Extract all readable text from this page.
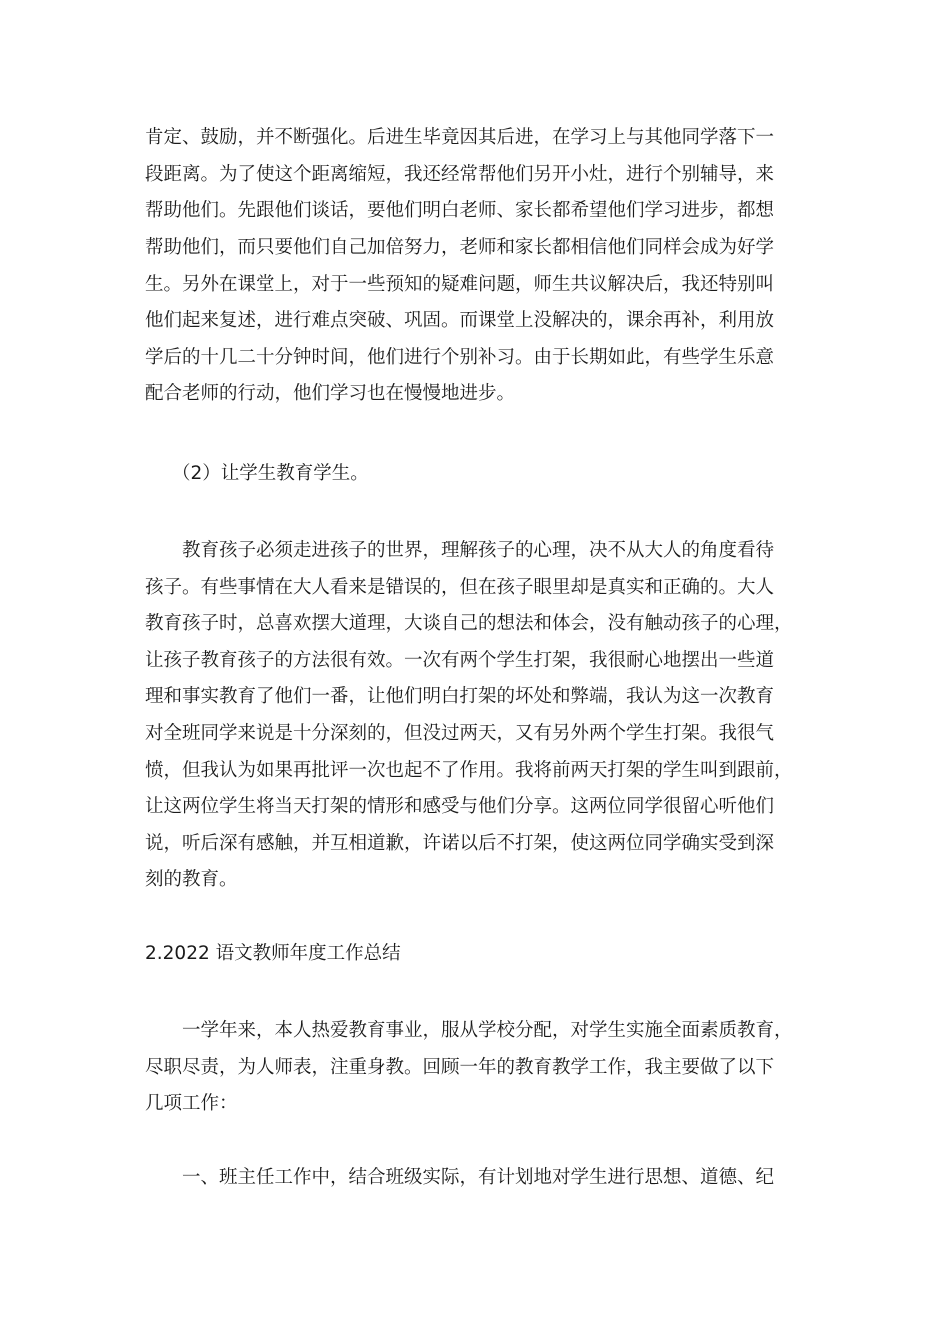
肯定、鼓励，并不断强化。后进生毕竟因其后进，在学习上与其他同学落下一
段距离。为了使这个距离缩短，我还经常帮他们另开小灶，进行个别辅导，来
帮助他们。先跟他们谈话，要他们明白老师、家长都希望他们学习进步，都想
帮助他们，而只要他们自己加倍努力，老师和家长都相信他们同样会成为好学
生。另外在课堂上，对于一些预知的疑难问题，师生共议解决后，我还特别叫
他们起来复述，进行难点突破、巩固。而课堂上没解决的，课余再补，利用放
学后的十几二十分钟时间，他们进行个别补习。由于长期如此，有些学生乐意
配合老师的行动，他们学习也在慢慢地进步。
（2）让学生教育学生。
教育孩子必须走进孩子的世界，理解孩子的心理，决不从大人的角度看待
孩子。有些事情在大人看来是错误的，但在孩子眼里却是真实和正确的。大人
教育孩子时，总喜欢摆大道理，大谈自己的想法和体会，没有触动孩子的心理，
让孩子教育孩子的方法很有效。一次有两个学生打架，我很耐心地摆出一些道
理和事实教育了他们一番，让他们明白打架的坏处和弊端，我认为这一次教育
对全班同学来说是十分深刻的，但没过两天，又有另外两个学生打架。我很气
愤，但我认为如果再批评一次也起不了作用。我将前两天打架的学生叫到跟前，
让这两位学生将当天打架的情形和感受与他们分享。这两位同学很留心听他们
说，听后深有感触，并互相道歉，许诺以后不打架，使这两位同学确实受到深
刻的教育。
2.2022 语文教师年度工作总结
一学年来，本人热爱教育事业，服从学校分配，对学生实施全面素质教育，
尽职尽责，为人师表，注重身教。回顾一年的教育教学工作，我主要做了以下
几项工作：
一、班主任工作中，结合班级实际，有计划地对学生进行思想、道德、纪
